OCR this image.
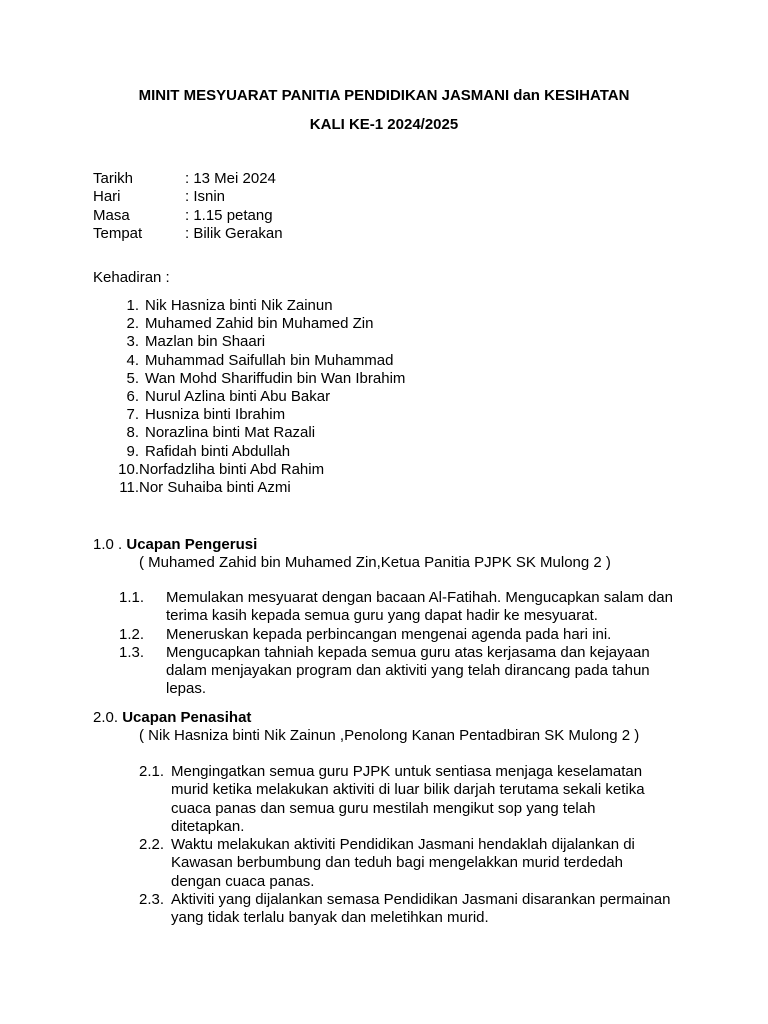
MINIT MESYUARAT PANITIA PENDIDIKAN JASMANI dan KESIHATAN
KALI KE-1 2024/2025
Tarikh	: 13 Mei 2024
Hari	: Isnin
Masa	: 1.15 petang
Tempat	: Bilik Gerakan
Kehadiran :
1. Nik Hasniza binti Nik Zainun
2. Muhamed Zahid bin Muhamed Zin
3. Mazlan bin Shaari
4. Muhammad Saifullah bin Muhammad
5. Wan Mohd Shariffudin bin Wan Ibrahim
6. Nurul Azlina binti Abu Bakar
7. Husniza binti Ibrahim
8. Norazlina binti Mat Razali
9. Rafidah binti Abdullah
10. Norfadzliha binti Abd Rahim
11. Nor Suhaiba binti Azmi
1.0 . Ucapan Pengerusi
( Muhamed Zahid bin Muhamed Zin,Ketua Panitia PJPK SK Mulong 2 )
1.1.	Memulakan mesyuarat dengan bacaan Al-Fatihah. Mengucapkan salam dan terima kasih kepada semua guru yang dapat hadir ke mesyuarat.
1.2.	Meneruskan kepada perbincangan mengenai agenda pada hari ini.
1.3.	Mengucapkan tahniah kepada semua guru atas kerjasama dan kejayaan dalam menjayakan program dan aktiviti yang telah dirancang pada tahun lepas.
2.0. Ucapan Penasihat
( Nik Hasniza binti Nik Zainun ,Penolong Kanan Pentadbiran SK Mulong 2 )
2.1. Mengingatkan semua guru PJPK untuk sentiasa menjaga keselamatan murid ketika melakukan aktiviti di luar bilik darjah terutama sekali ketika cuaca panas dan semua guru mestilah mengikut sop yang telah ditetapkan.
2.2. Waktu melakukan aktiviti Pendidikan Jasmani hendaklah dijalankan di Kawasan berbumbung dan teduh bagi mengelakkan murid terdedah dengan cuaca panas.
2.3. Aktiviti yang dijalankan semasa Pendidikan Jasmani disarankan permainan yang tidak terlalu banyak dan meletihkan murid.
